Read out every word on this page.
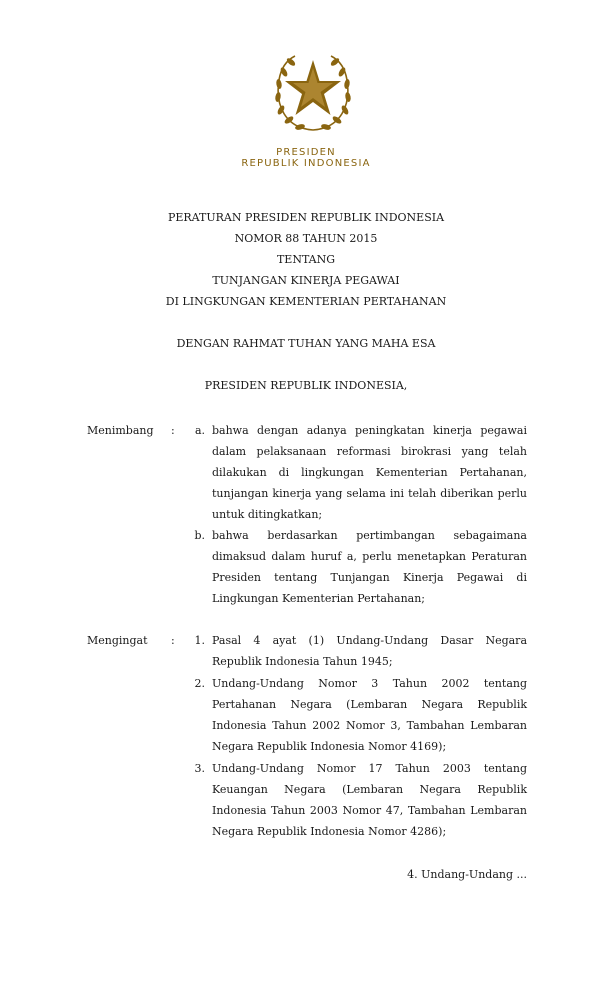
PRESIDEN
REPUBLIK INDONESIA
PERATURAN PRESIDEN REPUBLIK INDONESIA
NOMOR 88 TAHUN 2015
TENTANG
TUNJANGAN KINERJA PEGAWAI
DI LINGKUNGAN KEMENTERIAN PERTAHANAN
DENGAN RAHMAT TUHAN YANG MAHA ESA
PRESIDEN REPUBLIK INDONESIA,
Menimbang :	a. bahwa dengan adanya peningkatan kinerja pegawai dalam pelaksanaan reformasi birokrasi yang telah dilakukan di lingkungan Kementerian Pertahanan, tunjangan kinerja yang selama ini telah diberikan perlu untuk ditingkatkan;
b. bahwa berdasarkan pertimbangan sebagaimana dimaksud dalam huruf a, perlu menetapkan Peraturan Presiden tentang Tunjangan Kinerja Pegawai di Lingkungan Kementerian Pertahanan;
Mengingat :	1. Pasal 4 ayat (1) Undang-Undang Dasar Negara Republik Indonesia Tahun 1945;
2. Undang-Undang Nomor 3 Tahun 2002 tentang Pertahanan Negara (Lembaran Negara Republik Indonesia Tahun 2002 Nomor 3, Tambahan Lembaran Negara Republik Indonesia Nomor 4169);
3. Undang-Undang Nomor 17 Tahun 2003 tentang Keuangan Negara (Lembaran Negara Republik Indonesia Tahun 2003 Nomor 47, Tambahan Lembaran Negara Republik Indonesia Nomor 4286);
4. Undang-Undang ...
